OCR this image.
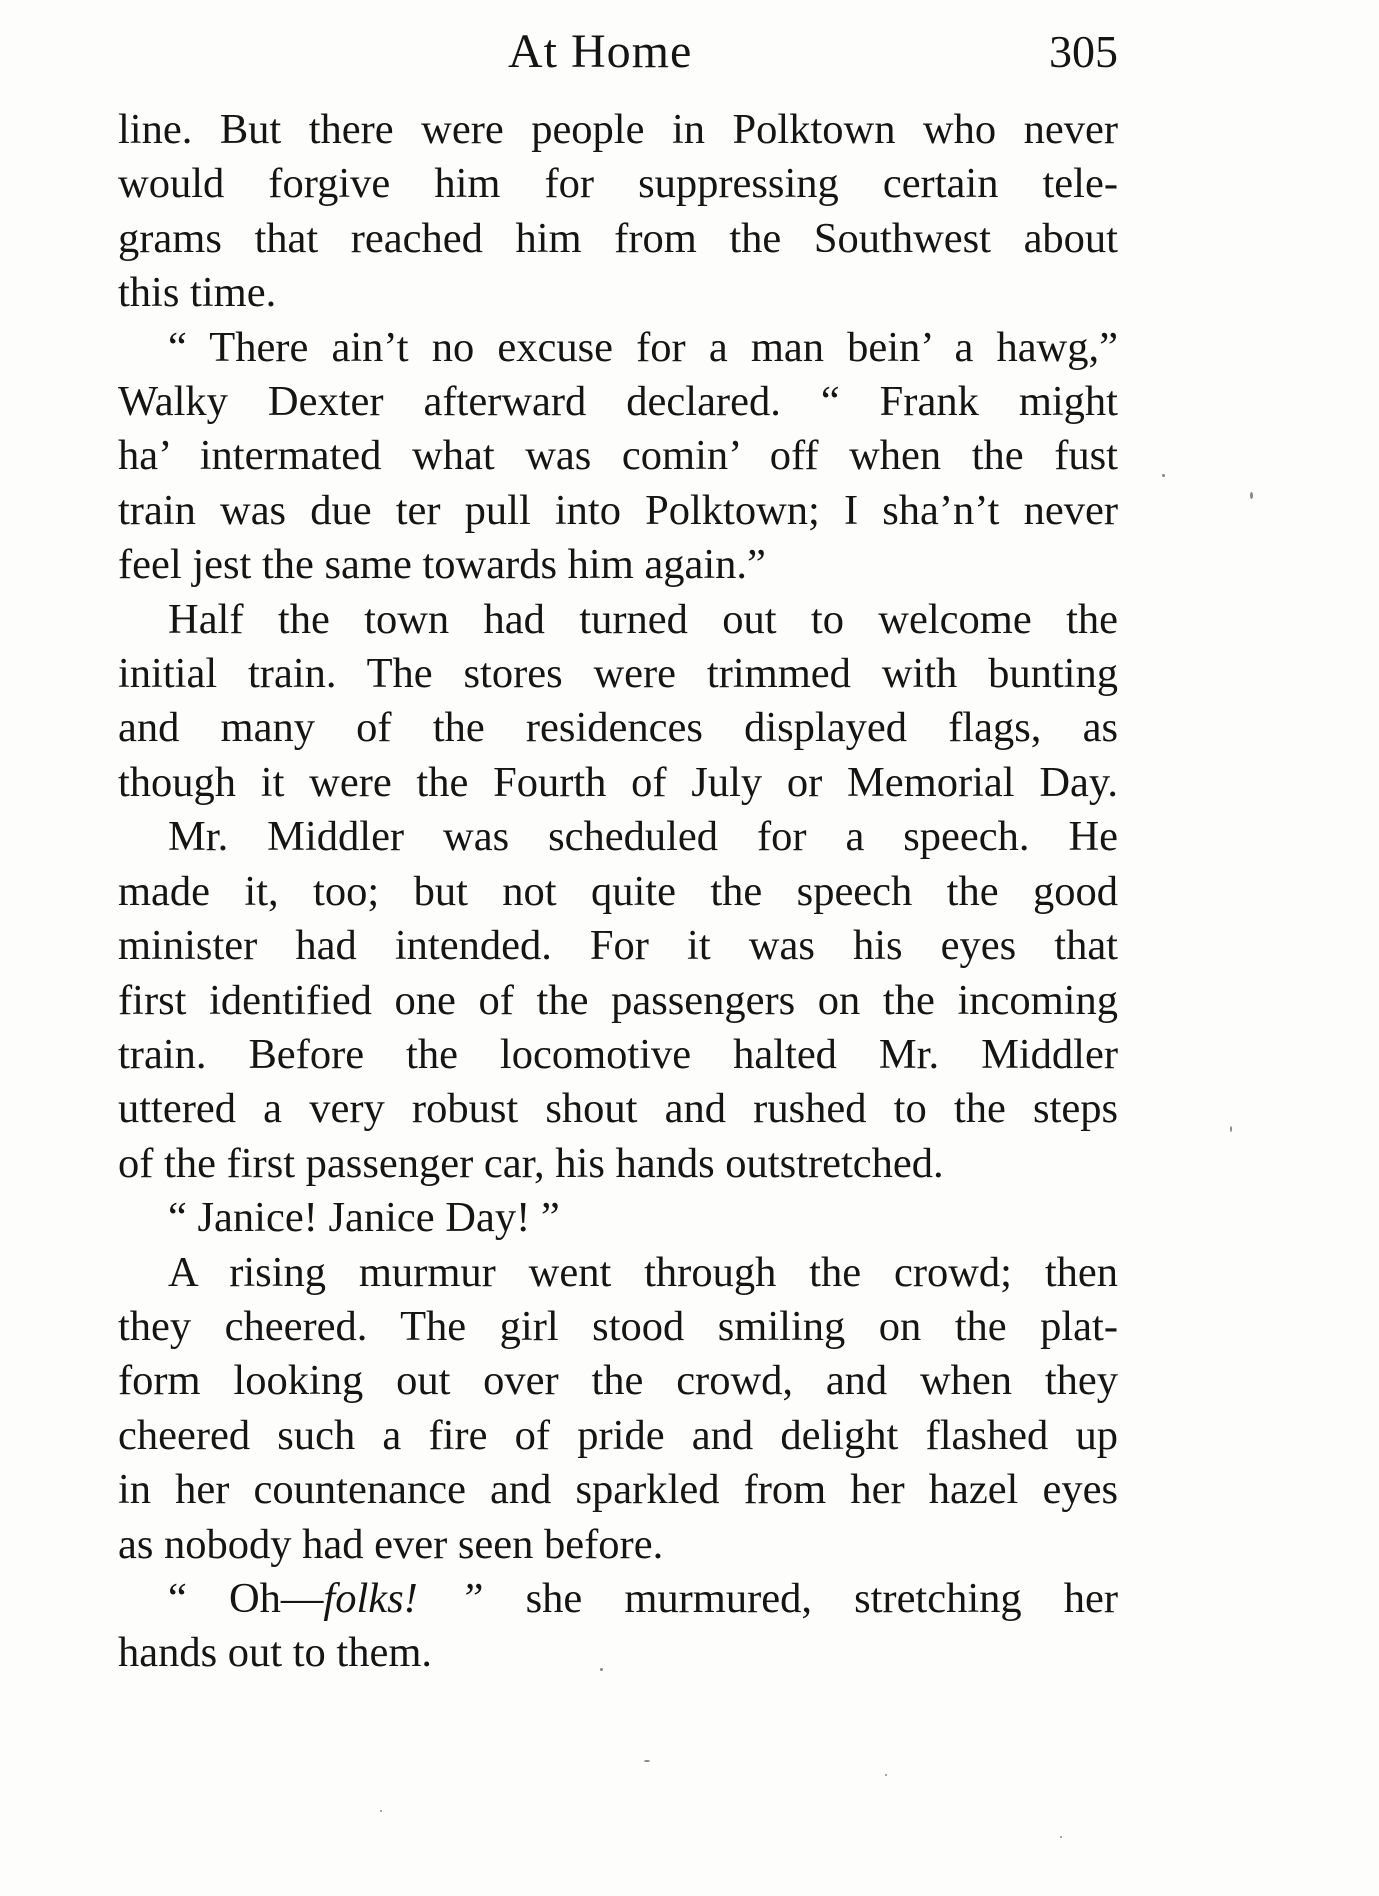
At Home	305

line. But there were people in Polktown who never
would forgive him for suppressing certain tele-
grams that reached him from the Southwest about
this time.

“ There ain’t no excuse for a man bein’ a hawg,”
Walky Dexter afterward declared. “ Frank might
ha’ intermated what was comin’ off when the fust
train was due ter pull into Polktown; I sha’n’t never
feel jest the same towards him again.”

Half the town had turned out to welcome the
initial train. The stores were trimmed with bunting
and many of the residences displayed flags, as
though it were the Fourth of July or Memorial Day.

Mr. Middler was scheduled for a speech. He
made it, too; but not quite the speech the good
minister had intended. For it was his eyes that
first identified one of the passengers on the incoming
train. Before the locomotive halted Mr. Middler
uttered a very robust shout and rushed to the steps
of the first passenger car, his hands outstretched.

“ Janice! Janice Day! ”

A rising murmur went through the crowd; then
they cheered. The girl stood smiling on the plat-
form looking out over the crowd, and when they
cheered such a fire of pride and delight flashed up
in her countenance and sparkled from her hazel eyes
as nobody had ever seen before.

“ Oh—folks! ” she murmured, stretching her
hands out to them.
